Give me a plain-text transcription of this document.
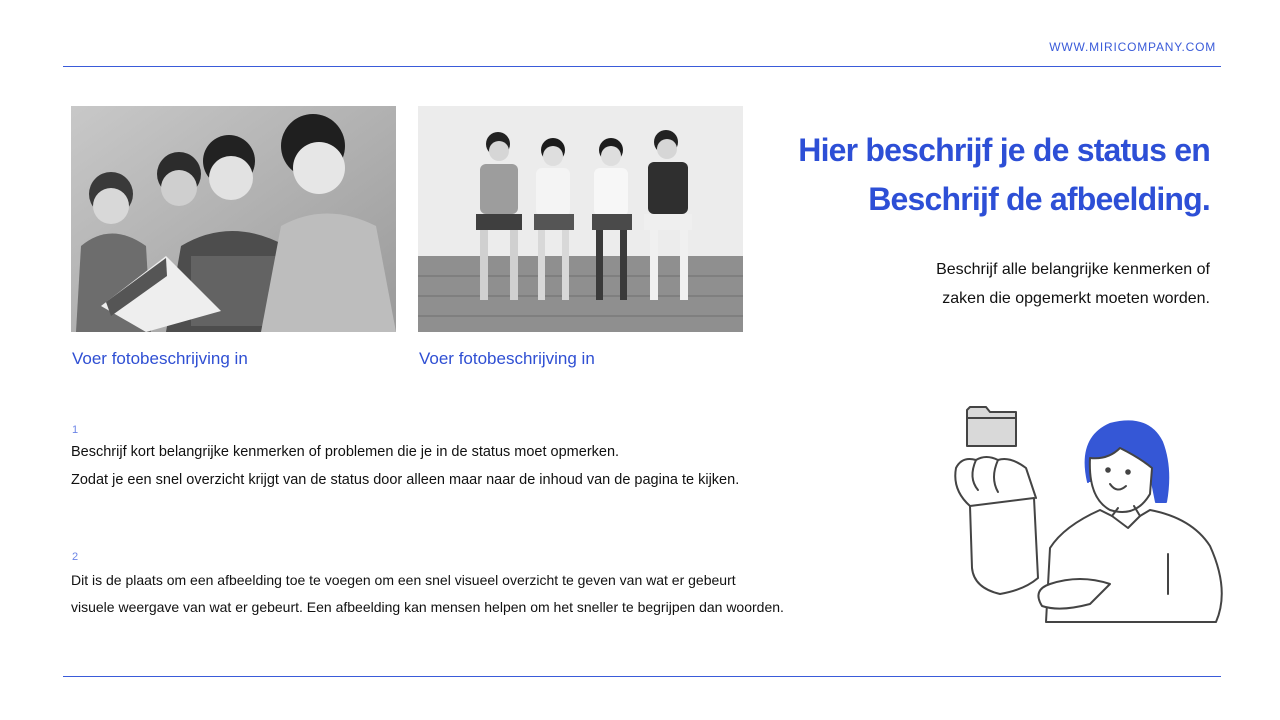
WWW.MIRICOMPANY.COM
Voer fotobeschrijving in	Voer fotobeschrijving in
Hier beschrijf je de status en
Beschrijf de afbeelding.
Beschrijf alle belangrijke kenmerken of
zaken die opgemerkt moeten worden.
1
Beschrijf kort belangrijke kenmerken of problemen die je in de status moet opmerken.
Zodat je een snel overzicht krijgt van de status door alleen maar naar de inhoud van de pagina te kijken.
2
Dit is de plaats om een afbeelding toe te voegen om een snel visueel overzicht te geven van wat er gebeurt
visuele weergave van wat er gebeurt. Een afbeelding kan mensen helpen om het sneller te begrijpen dan woorden.
